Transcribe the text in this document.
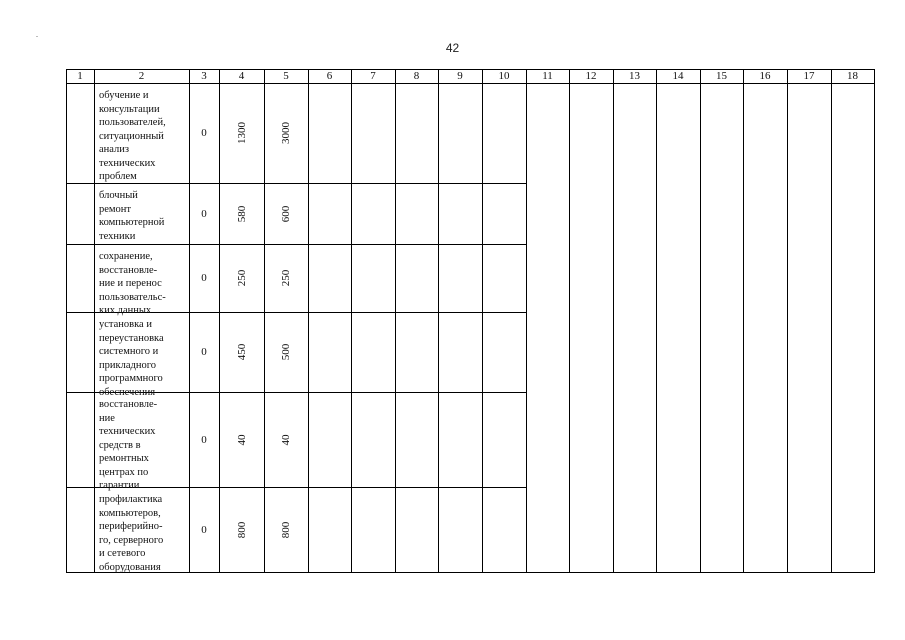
42
1	2	3	4	5	6	7	8	9	10	11	12	13	14	15	16	17	18
обучение и
консультации
пользователей,
ситуационный
анализ
технических
проблем
0	1300	3000
блочный
ремонт
компьютерной
техники
0	580	600
сохранение,
восстановле-
ние и перенос
пользовательс-
ких данных
0	250	250
установка и
переустановка
системного и
прикладного
программного
обеспечения
0	450	500
восстановле-
ние
технических
средств в
ремонтных
центрах по
гарантии
0	40	40
профилактика
компьютеров,
периферийно-
го, серверного
и сетевого
оборудования
0	800	800
